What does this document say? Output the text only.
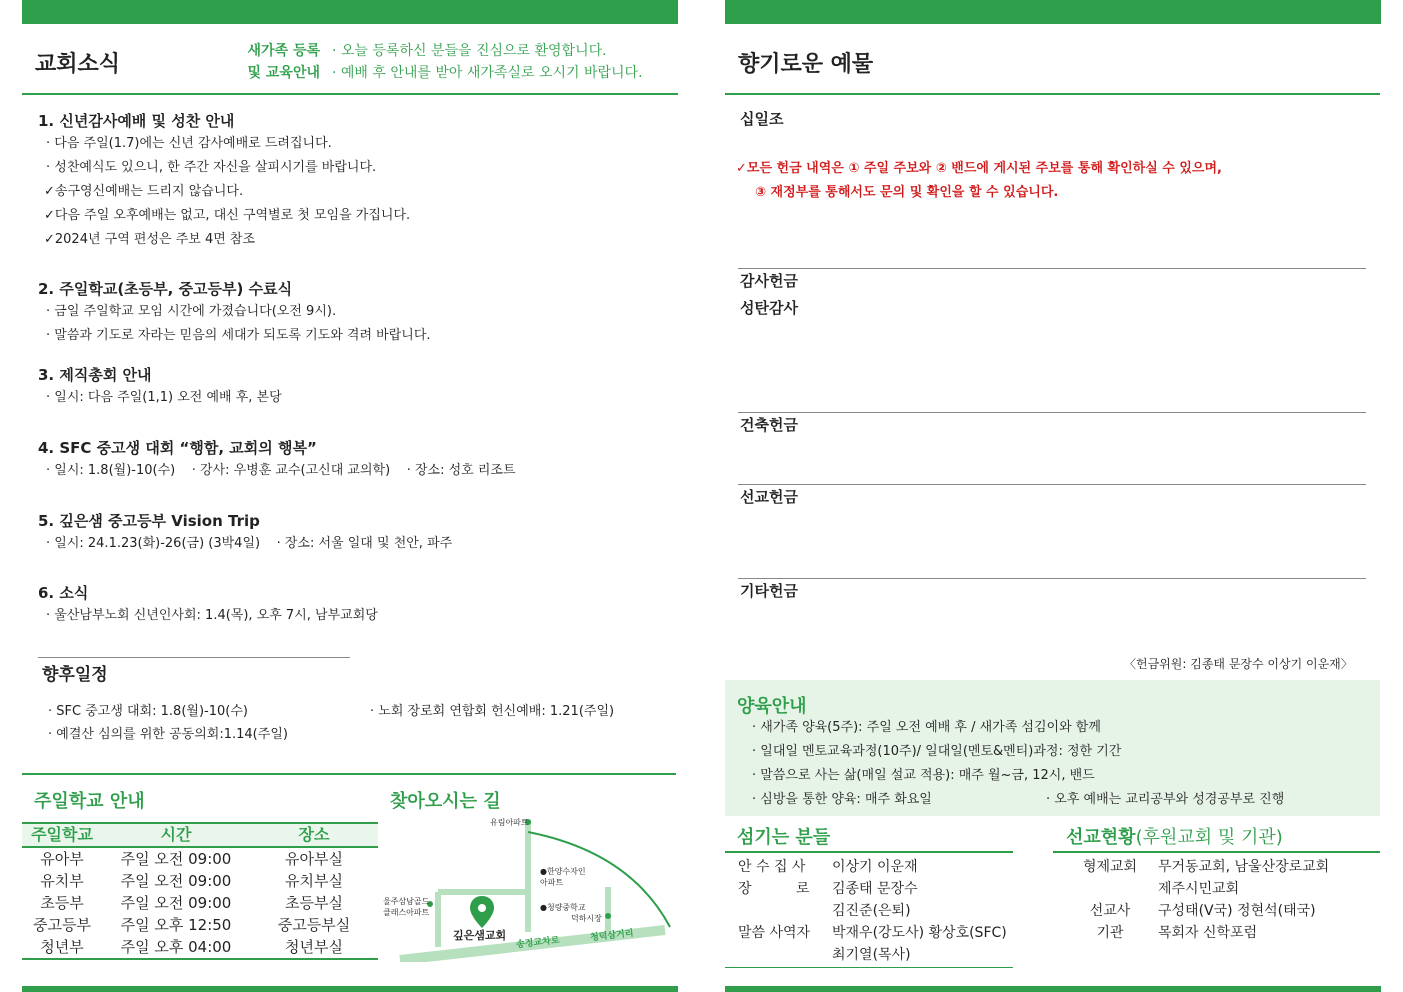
교회소식
새가족 등록
및 교육안내
· 오늘 등록하신 분들을 진심으로 환영합니다.
· 예배 후 안내를 받아 새가족실로 오시기 바랍니다.
1. 신년감사예배 및 성찬 안내
· 다음 주일(1.7)에는 신년 감사예배로 드려집니다.
· 성찬예식도 있으니, 한 주간 자신을 살피시기를 바랍니다.
✓송구영신예배는 드리지 않습니다.
✓다음 주일 오후예배는 없고, 대신 구역별로 첫 모임을 가집니다.
✓2024년 구역 편성은 주보 4면 참조
2. 주일학교(초등부, 중고등부) 수료식
· 금일 주일학교 모임 시간에 가졌습니다(오전 9시).
· 말씀과 기도로 자라는 믿음의 세대가 되도록 기도와 격려 바랍니다.
3. 제직총회 안내
· 일시: 다음 주일(1,1) 오전 예배 후, 본당
4. SFC 중고생 대회 “행함, 교회의 행복”
· 일시: 1.8(월)-10(수)    · 강사: 우병훈 교수(고신대 교의학)    · 장소: 성호 리조트
5. 깊은샘 중고등부 Vision Trip
· 일시: 24.1.23(화)-26(금) (3박4일)    · 장소: 서울 일대 및 천안, 파주
6. 소식
· 울산남부노회 신년인사회: 1.4(목), 오후 7시, 남부교회당
향후일정
· SFC 중고생 대회: 1.8(월)-10(수)	· 노회 장로회 연합회 헌신예배: 1.21(주일)
· 예결산 심의를 위한 공동의회:1.14(주일)
주일학교 안내
주일학교	시간	장소
유아부	주일 오전 09:00	유아부실
유치부	주일 오전 09:00	유치부실
초등부	주일 오전 09:00	초등부실
중고등부	주일 오후 12:50	중고등부실
청년부	주일 오후 04:00	청년부실
찾아오시는 길
유림아파트
●한양수자인
아파트
울주삼남골드
클래스아파트
●청량중학교
덕하시장
깊은샘교회
송정교차로	청덕삼거리
향기로운 예물
십일조
✓모든 헌금 내역은 ① 주일 주보와 ② 밴드에 게시된 주보를 통해 확인하실 수 있으며,
③ 재정부를 통해서도 문의 및 확인을 할 수 있습니다.
감사헌금
성탄감사
건축헌금
선교헌금
기타헌금
〈헌금위원: 김종태 문장수 이상기 이운재〉
양육안내
· 새가족 양육(5주): 주일 오전 예배 후 / 새가족 섬김이와 함께
· 일대일 멘토교육과정(10주)/ 일대일(멘토&멘티)과정: 정한 기간
· 말씀으로 사는 삶(매일 설교 적용): 매주 월~금, 12시, 밴드
· 심방을 통한 양육: 매주 화요일	· 오후 예배는 교리공부와 성경공부로 진행
섬기는 분들
안 수 집 사	이상기 이운재
장          로	김종태 문장수
	김진준(은퇴)
말씀 사역자	박재우(강도사) 황상호(SFC)
	최기열(목사)
선교현황(후원교회 및 기관)
형제교회	무거동교회, 남울산장로교회
	제주시민교회
선교사	구성태(V국) 정현석(태국)
기관	목회자 신학포럼
